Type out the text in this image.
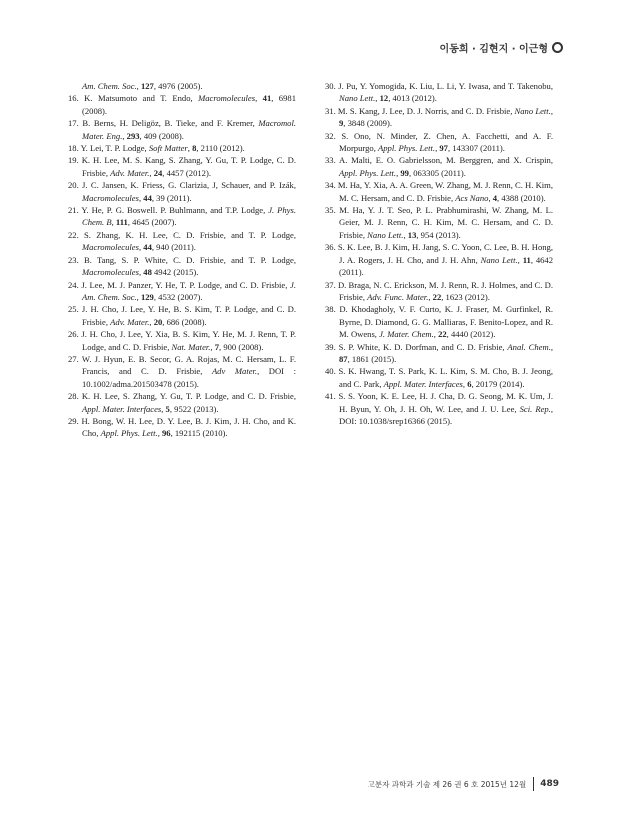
이동희 · 김현지 · 이근형

Am. Chem. Soc., 127, 4976 (2005).

16. K. Matsumoto and T. Endo, Macromolecules, 41, 6981 (2008).

17. B. Berns, H. Deligöz, B. Tieke, and F. Kremer, Macromol. Mater. Eng., 293, 409 (2008).

18. Y. Lei, T. P. Lodge, Soft Matter, 8, 2110 (2012).

19. K. H. Lee, M. S. Kang, S. Zhang, Y. Gu, T. P. Lodge, C. D. Frisbie, Adv. Mater., 24, 4457 (2012).

20. J. C. Jansen, K. Friess, G. Clarizia, J, Schauer, and P. Izák, Macromolecules, 44, 39 (2011).

21. Y. He, P. G. Boswell. P. Buhlmann, and T.P. Lodge, J. Phys. Chem. B, 111, 4645 (2007).

22. S. Zhang, K. H. Lee, C. D. Frisbie, and T. P. Lodge, Macromolecules, 44, 940 (2011).

23. B. Tang, S. P. White, C. D. Frisbie, and T. P. Lodge, Macromolecules, 48 4942 (2015).

24. J. Lee, M. J. Panzer, Y. He, T. P. Lodge, and C. D. Frisbie, J. Am. Chem. Soc., 129, 4532 (2007).

25. J. H. Cho, J. Lee, Y. He, B. S. Kim, T. P. Lodge, and C. D. Frisbie, Adv. Mater., 20, 686 (2008).

26. J. H. Cho, J. Lee, Y. Xia, B. S. Kim, Y. He, M. J. Renn, T. P. Lodge, and C. D. Frisbie, Nat. Mater., 7, 900 (2008).

27. W. J. Hyun, E. B. Secor, G. A. Rojas, M. C. Hersam, L. F. Francis, and C. D. Frisbie, Adv Mater., DOI : 10.1002/adma.201503478 (2015).

28. K. H. Lee, S. Zhang, Y. Gu, T. P. Lodge, and C. D. Frisbie, Appl. Mater. Interfaces, 5, 9522 (2013).

29. H. Bong, W. H. Lee, D. Y. Lee, B. J. Kim, J. H. Cho, and K. Cho, Appl. Phys. Lett., 96, 192115 (2010).

30. J. Pu, Y. Yomogida, K. Liu, L. Li, Y. Iwasa, and T. Takenobu, Nano Lett., 12, 4013 (2012).

31. M. S. Kang, J. Lee, D. J. Norris, and C. D. Frisbie, Nano Lett., 9, 3848 (2009).

32. S. Ono, N. Minder, Z. Chen, A. Facchetti, and A. F. Morpurgo, Appl. Phys. Lett., 97, 143307 (2011).

33. A. Malti, E. O. Gabrielsson, M. Berggren, and X. Crispin, Appl. Phys. Lett., 99, 063305 (2011).

34. M. Ha, Y. Xia, A. A. Green, W. Zhang, M. J. Renn, C. H. Kim, M. C. Hersam, and C. D. Frisbie, Acs Nano, 4, 4388 (2010).

35. M. Ha, Y. J. T. Seo, P. L. Prabhumirashi, W. Zhang, M. L. Geier, M. J. Renn, C. H. Kim, M. C. Hersam, and C. D. Frisbie, Nano Lett., 13, 954 (2013).

36. S. K. Lee, B. J. Kim, H. Jang, S. C. Yoon, C. Lee, B. H. Hong, J. A. Rogers, J. H. Cho, and J. H. Ahn, Nano Lett., 11, 4642 (2011).

37. D. Braga, N. C. Erickson, M. J. Renn, R. J. Holmes, and C. D. Frisbie, Adv. Func. Mater., 22, 1623 (2012).

38. D. Khodagholy, V. F. Curto, K. J. Fraser, M. Gurfinkel, R. Byrne, D. Diamond, G. G. Malliaras, F. Benito-Lopez, and R. M. Owens, J. Mater. Chem., 22, 4440 (2012).

39. S. P. White, K. D. Dorfman, and C. D. Frisbie, Anal. Chem., 87, 1861 (2015).

40. S. K. Hwang, T. S. Park, K. L. Kim, S. M. Cho, B. J. Jeong, and C. Park, Appl. Mater. Interfaces, 6, 20179 (2014).

41. S. S. Yoon, K. E. Lee, H. J. Cha, D. G. Seong, M. K. Um, J. H. Byun, Y. Oh, J. H. Oh, W. Lee, and J. U. Lee, Sci. Rep., DOI: 10.1038/srep16366 (2015).

고분자 과학과 기술 제 26 권 6 호 2015년 12월 489
